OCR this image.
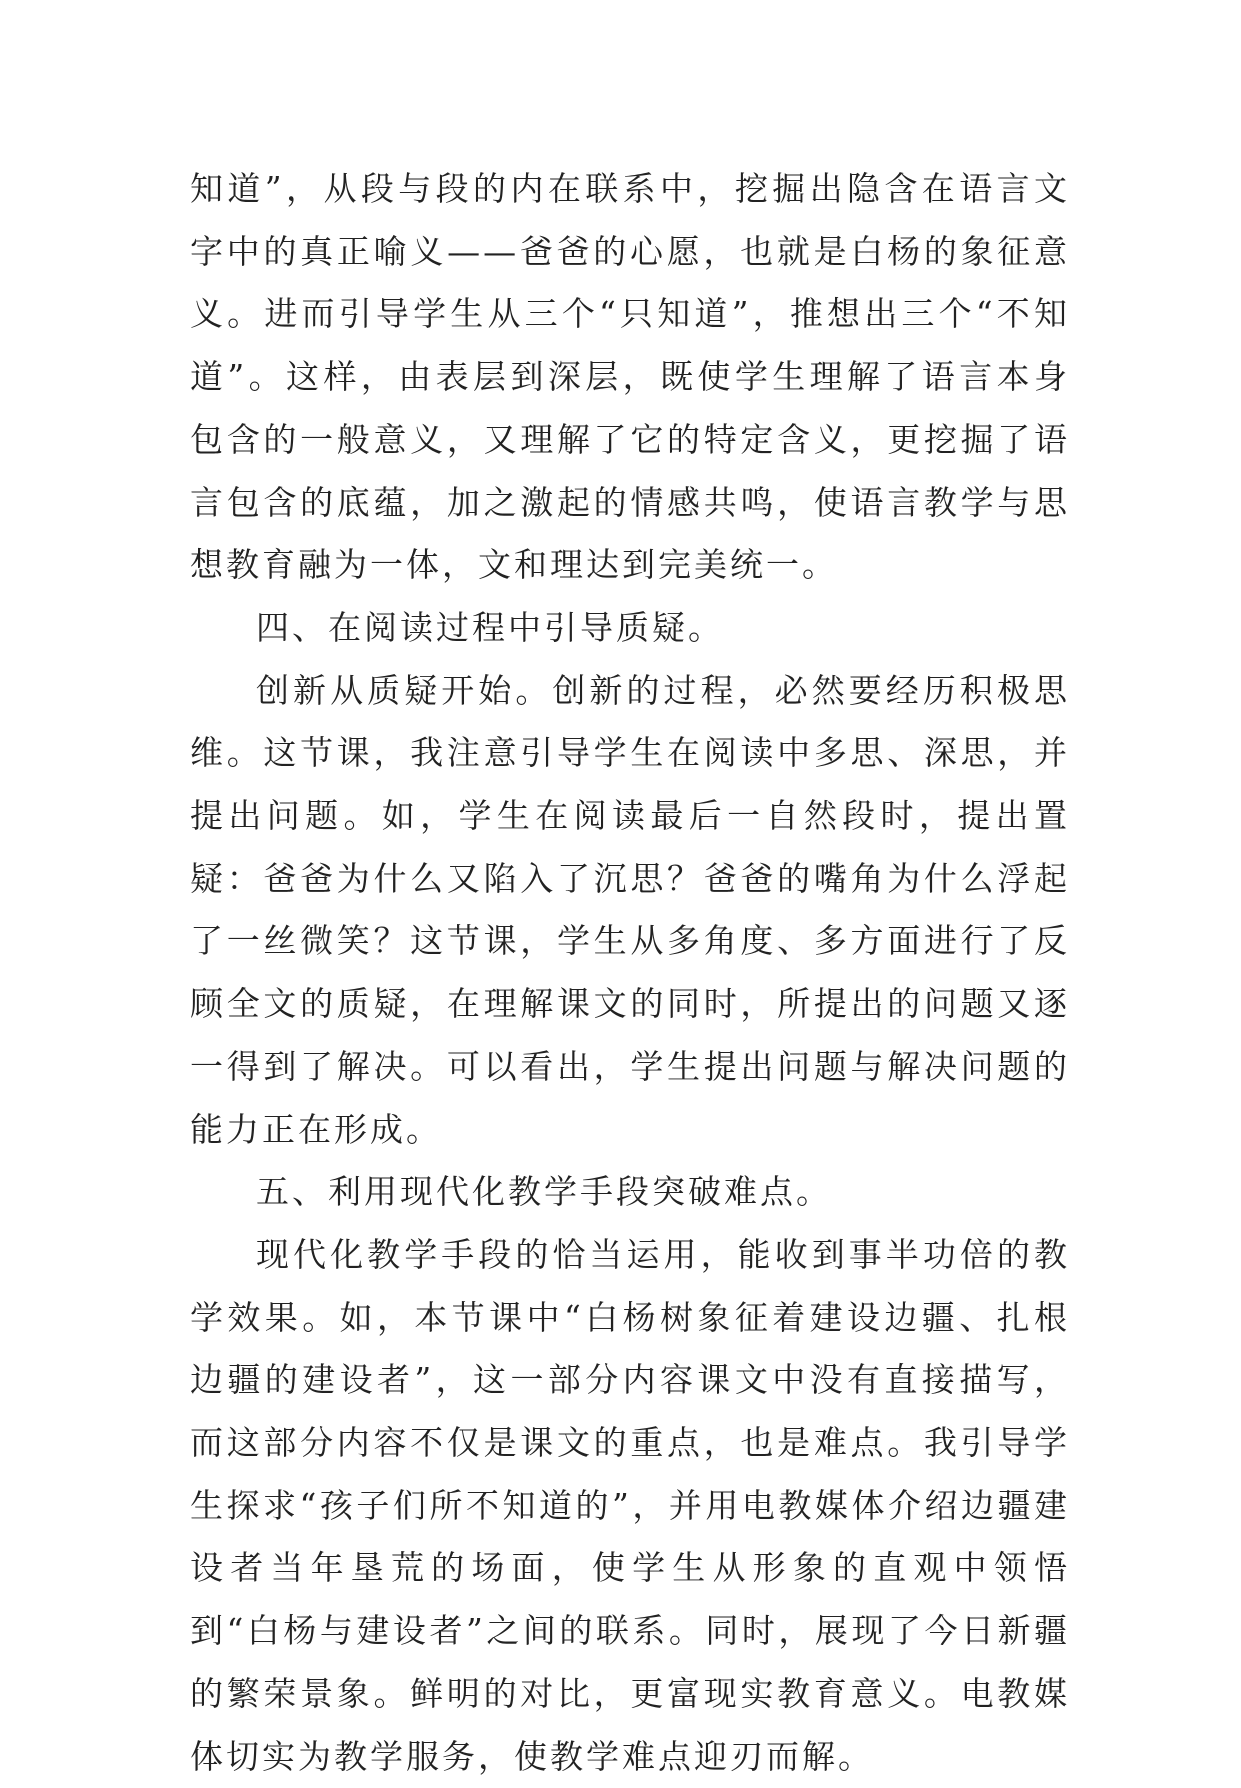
知道”，从段与段的内在联系中，挖掘出隐含在语言文字中的真正喻义——爸爸的心愿，也就是白杨的象征意义。进而引导学生从三个“只知道”，推想出三个“不知道”。这样，由表层到深层，既使学生理解了语言本身包含的一般意义，又理解了它的特定含义，更挖掘了语言包含的底蕴，加之激起的情感共鸣，使语言教学与思想教育融为一体，文和理达到完美统一。

四、在阅读过程中引导质疑。

创新从质疑开始。创新的过程，必然要经历积极思维。这节课，我注意引导学生在阅读中多思、深思，并提出问题。如，学生在阅读最后一自然段时，提出置疑：爸爸为什么又陷入了沉思？爸爸的嘴角为什么浮起了一丝微笑？这节课，学生从多角度、多方面进行了反顾全文的质疑，在理解课文的同时，所提出的问题又逐一得到了解决。可以看出，学生提出问题与解决问题的能力正在形成。

五、利用现代化教学手段突破难点。

现代化教学手段的恰当运用，能收到事半功倍的教学效果。如，本节课中“白杨树象征着建设边疆、扎根边疆的建设者”，这一部分内容课文中没有直接描写，而这部分内容不仅是课文的重点，也是难点。我引导学生探求“孩子们所不知道的”，并用电教媒体介绍边疆建设者当年垦荒的场面，使学生从形象的直观中领悟到“白杨与建设者”之间的联系。同时，展现了今日新疆的繁荣景象。鲜明的对比，更富现实教育意义。电教媒体切实为教学服务，使教学难点迎刃而解。
